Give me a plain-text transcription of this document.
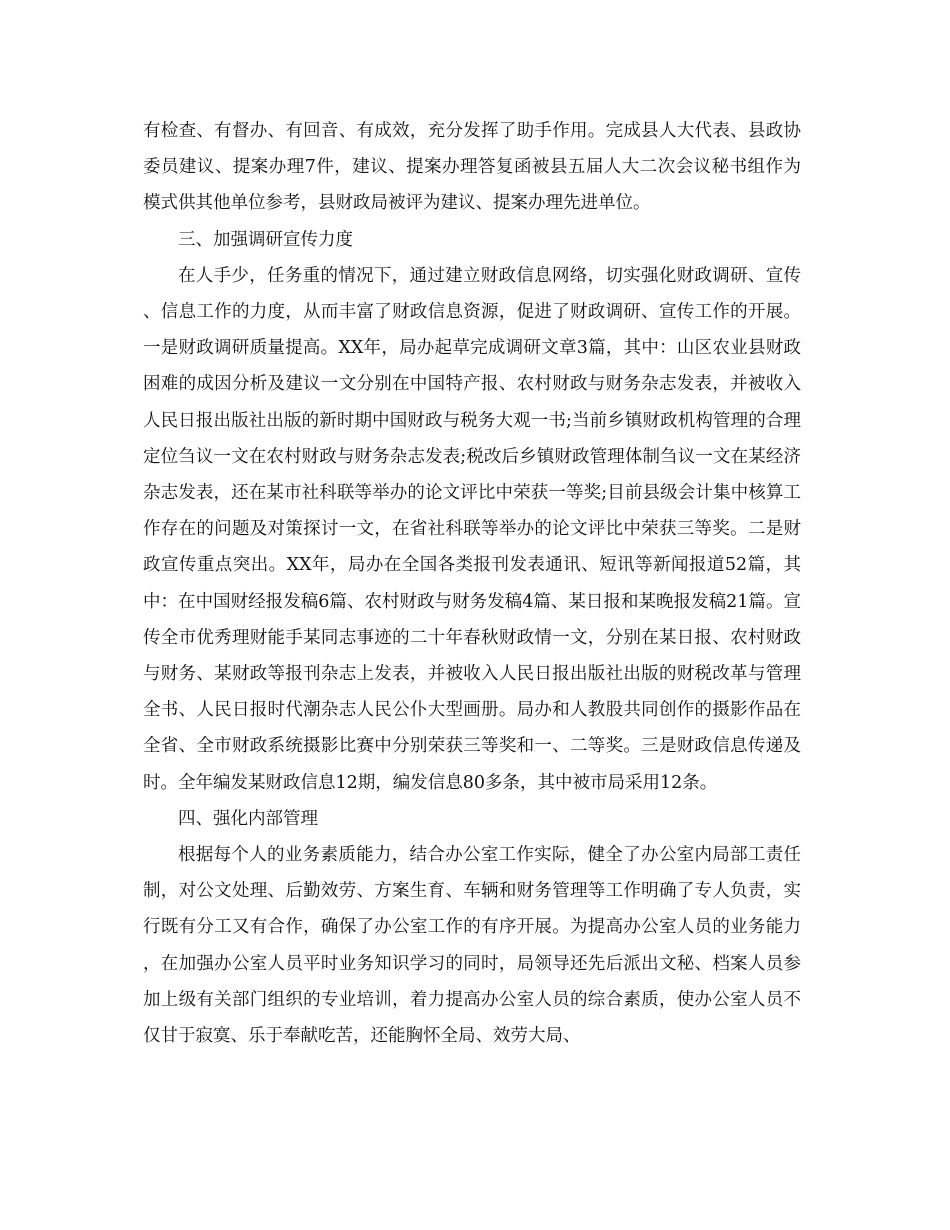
有检查、有督办、有回音、有成效，充分发挥了助手作用。完成县人大代表、县政协委员建议、提案办理7件，建议、提案办理答复函被县五届人大二次会议秘书组作为模式供其他单位参考，县财政局被评为建议、提案办理先进单位。

三、加强调研宣传力度

在人手少，任务重的情况下，通过建立财政信息网络，切实强化财政调研、宣传、信息工作的力度，从而丰富了财政信息资源，促进了财政调研、宣传工作的开展。一是财政调研质量提高。XX年，局办起草完成调研文章3篇，其中：山区农业县财政困难的成因分析及建议一文分别在中国特产报、农村财政与财务杂志发表，并被收入人民日报出版社出版的新时期中国财政与税务大观一书;当前乡镇财政机构管理的合理定位刍议一文在农村财政与财务杂志发表;税改后乡镇财政管理体制刍议一文在某经济杂志发表，还在某市社科联等举办的论文评比中荣获一等奖;目前县级会计集中核算工作存在的问题及对策探讨一文，在省社科联等举办的论文评比中荣获三等奖。二是财政宣传重点突出。XX年，局办在全国各类报刊发表通讯、短讯等新闻报道52篇，其中：在中国财经报发稿6篇、农村财政与财务发稿4篇、某日报和某晚报发稿21篇。宣传全市优秀理财能手某同志事迹的二十年春秋财政情一文，分别在某日报、农村财政与财务、某财政等报刊杂志上发表，并被收入人民日报出版社出版的财税改革与管理全书、人民日报时代潮杂志人民公仆大型画册。局办和人教股共同创作的摄影作品在全省、全市财政系统摄影比赛中分别荣获三等奖和一、二等奖。三是财政信息传递及时。全年编发某财政信息12期，编发信息80多条，其中被市局采用12条。

四、强化内部管理

根据每个人的业务素质能力，结合办公室工作实际，健全了办公室内局部工责任制，对公文处理、后勤效劳、方案生育、车辆和财务管理等工作明确了专人负责，实行既有分工又有合作，确保了办公室工作的有序开展。为提高办公室人员的业务能力，在加强办公室人员平时业务知识学习的同时，局领导还先后派出文秘、档案人员参加上级有关部门组织的专业培训，着力提高办公室人员的综合素质，使办公室人员不仅甘于寂寞、乐于奉献吃苦，还能胸怀全局、效劳大局、
